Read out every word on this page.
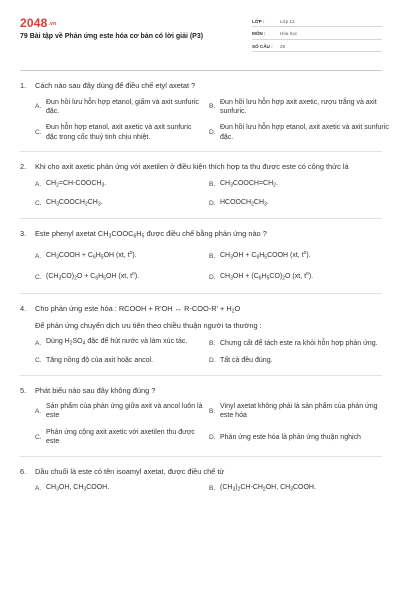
2048.vn
79 Bài tập về Phản ứng este hóa cơ bản có lời giải (P3)
LỚP :	Lớp 12
MÔN :	Hóa học
SỐ CÂU :	29
1.	Cách nào sau đây dùng để điều chế etyl axetat ?
A.
Đun hồi lưu hỗn hợp etanol, giấm và axit sunfuric đặc.
B.
Đun hồi lưu hỗn hợp axit axetic, rượu trắng và axit sunfuric.
C.
Đun hỗn hợp etanol, axit axetic và axit sunfuric đặc trong cốc thuỷ tinh chịu nhiệt.
D.
Đun hồi lưu hỗn hợp etanol, axit axetic và axit sunfuric đặc.
2.	Khi cho axit axetic phản ứng với axetilen ở điều kiện thích hợp ta thu được este có công thức là
A. $CH_2=CH-COOCH_3$.	B. $CH_3COOCH=CH_2$.
C. $CH_3COOCH_2CH_3$.	D. $HCOOCH_2CH_3$.
3.	Este phenyl axetat $CH_3COOC_6H_5$ được điều chế bằng phản ứng nào ?
A. $CH_3COOH + C_6H_5OH$ (xt, $t^o$).	B. $CH_3OH$ + $C_6H_5COOH$ (xt, $t^o$).
C. $(CH_3CO)_2O + C_6H_5OH$ (xt, $t^o$).	D. $CH_3OH + (C_6H_5CO)_2O$ (xt, $t^o$).
4.	Cho phản ứng este hóa : RCOOH + R'OH ↔ $R-COO-R' + H_2O$
Để phản ứng chuyển dịch ưu tiên theo chiều thuận người ta thường :
A. Dùng $H_2SO_4$ đặc để hút nước và làm xúc tác.	B. Chưng cất để tách este ra khỏi hỗn hợp phản ứng.
C. Tăng nồng độ của axit hoặc ancol.	D. Tất cả đều đúng.
5.	Phát biểu nào sau đây không đúng ?
A.
Sản phẩm của phản ứng giữa axit và ancol luôn là este
B.
Vinyl axetat không phải là sản phẩm của phản ứng este hóa
C.
Phản ứng cộng axit axetic với axetilen thu được este
D. Phản ứng este hóa là phản ứng thuận nghịch
6.	Dầu chuối là este có tên isoamyl axetat, được điều chế từ
A. $CH_3OH$, $CH_3COOH$.	B. $(CH_3)_2CH-CH_2OH$, $CH_3COOH$.
